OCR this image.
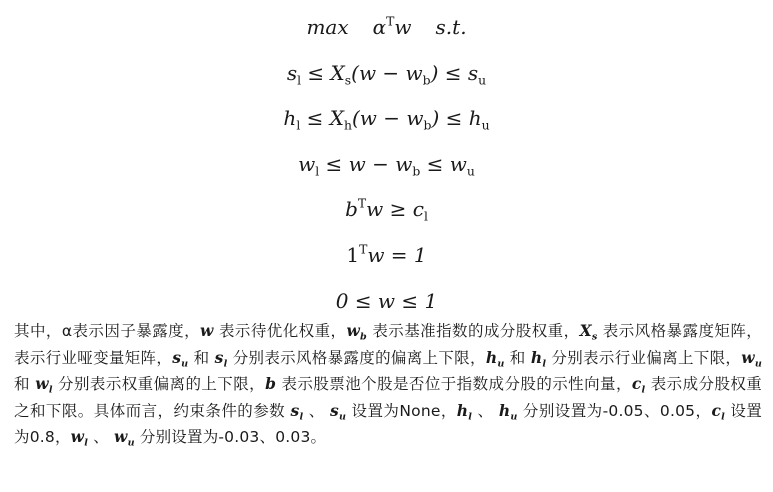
$\max \alpha^Tw$ s.t.
$s_l \le X_s(w - w_b) \le s_u$
$h_l \le X_h(w - w_b) \le h_u$
$w_l \le w - w_b \le w_u$
$b^Tw \ge c_l$
$1^Tw = 1$
0 ≤ w ≤ 1
其中，α表示因子暴露度，w 表示待优化权重，$w_b$ 表示基准指数的成分股权重，$X_s$ 表示风格暴露度矩阵，表示行业哑变量矩阵，$s_u$ 和 $s_l$ 分别表示风格暴露度的偏离上下限，$h_u$ 和 $h_l$ 分别表示行业偏离上下限，$w_u$ 和 $w_l$ 分别表示权重偏离的上下限，b 表示股票池个股是否位于指数成分股的示性向量，$c_l$ 表示成分股权重之和下限。具体而言，约束条件的参数 $s_l$ 、 $s_u$ 设置为None，$h_l$ 、 $h_u$ 分别设置为-0.05、0.05，$c_l$ 设置为0.8，$w_l$ 、 $w_u$ 分别设置为-0.03、0.03。
